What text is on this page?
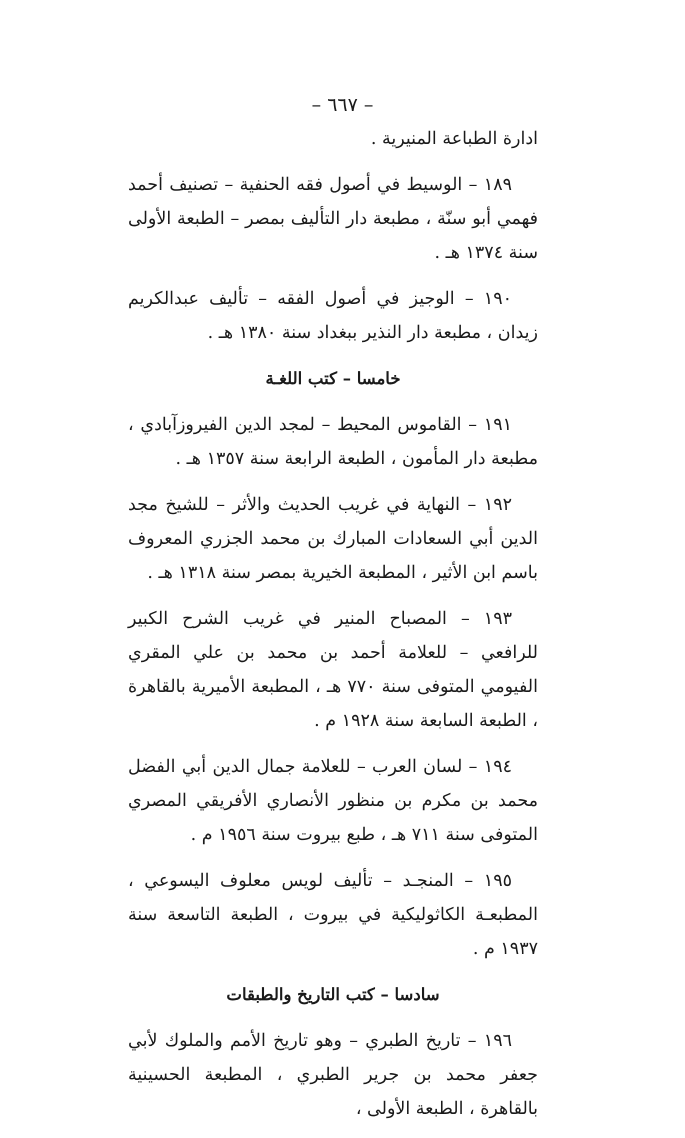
– ٦٦٧ –

ادارة الطباعة المنيرية .

١٨٩ – الوسيط في أصول فقه الحنفية – تصنيف أحمد فهمي أبو سنّة ، مطبعة دار التأليف بمصر – الطبعة الأولى سنة ١٣٧٤ هـ .

١٩٠ – الوجيز في أصول الفقه – تأليف عبدالكريم زيدان ، مطبعة دار النذير ببغداد سنة ١٣٨٠ هـ .

خامسا – كتب اللغـة

١٩١ – القاموس المحيط – لمجد الدين الفيروزآبادي ، مطبعة دار المأمون ، الطبعة الرابعة سنة ١٣٥٧ هـ .

١٩٢ – النهاية في غريب الحديث والأثر – للشيخ مجد الدين أبي السعادات المبارك بن محمد الجزري المعروف باسم ابن الأثير ، المطبعة الخيرية بمصر سنة ١٣١٨ هـ .

١٩٣ – المصباح المنير في غريب الشرح الكبير للرافعي – للعلامة أحمد بن محمد بن علي المقري الفيومي المتوفى سنة ٧٧٠ هـ ، المطبعة الأميرية بالقاهرة ، الطبعة السابعة سنة ١٩٢٨ م .

١٩٤ – لسان العرب – للعلامة جمال الدين أبي الفضل محمد بن مكرم بن منظور الأنصاري الأفريقي المصري المتوفى سنة ٧١١ هـ ، طبع بيروت سنة ١٩٥٦ م .

١٩٥ – المنجـد – تأليف لويس معلوف اليسوعي ، المطبعـة الكاثوليكية في بيروت ، الطبعة التاسعة سنة ١٩٣٧ م .

سادسا – كتب التاريخ والطبقات

١٩٦ – تاريخ الطبري – وهو تاريخ الأمم والملوك لأبي جعفر محمد بن جرير الطبري ، المطبعة الحسينية بالقاهرة ، الطبعة الأولى ،
